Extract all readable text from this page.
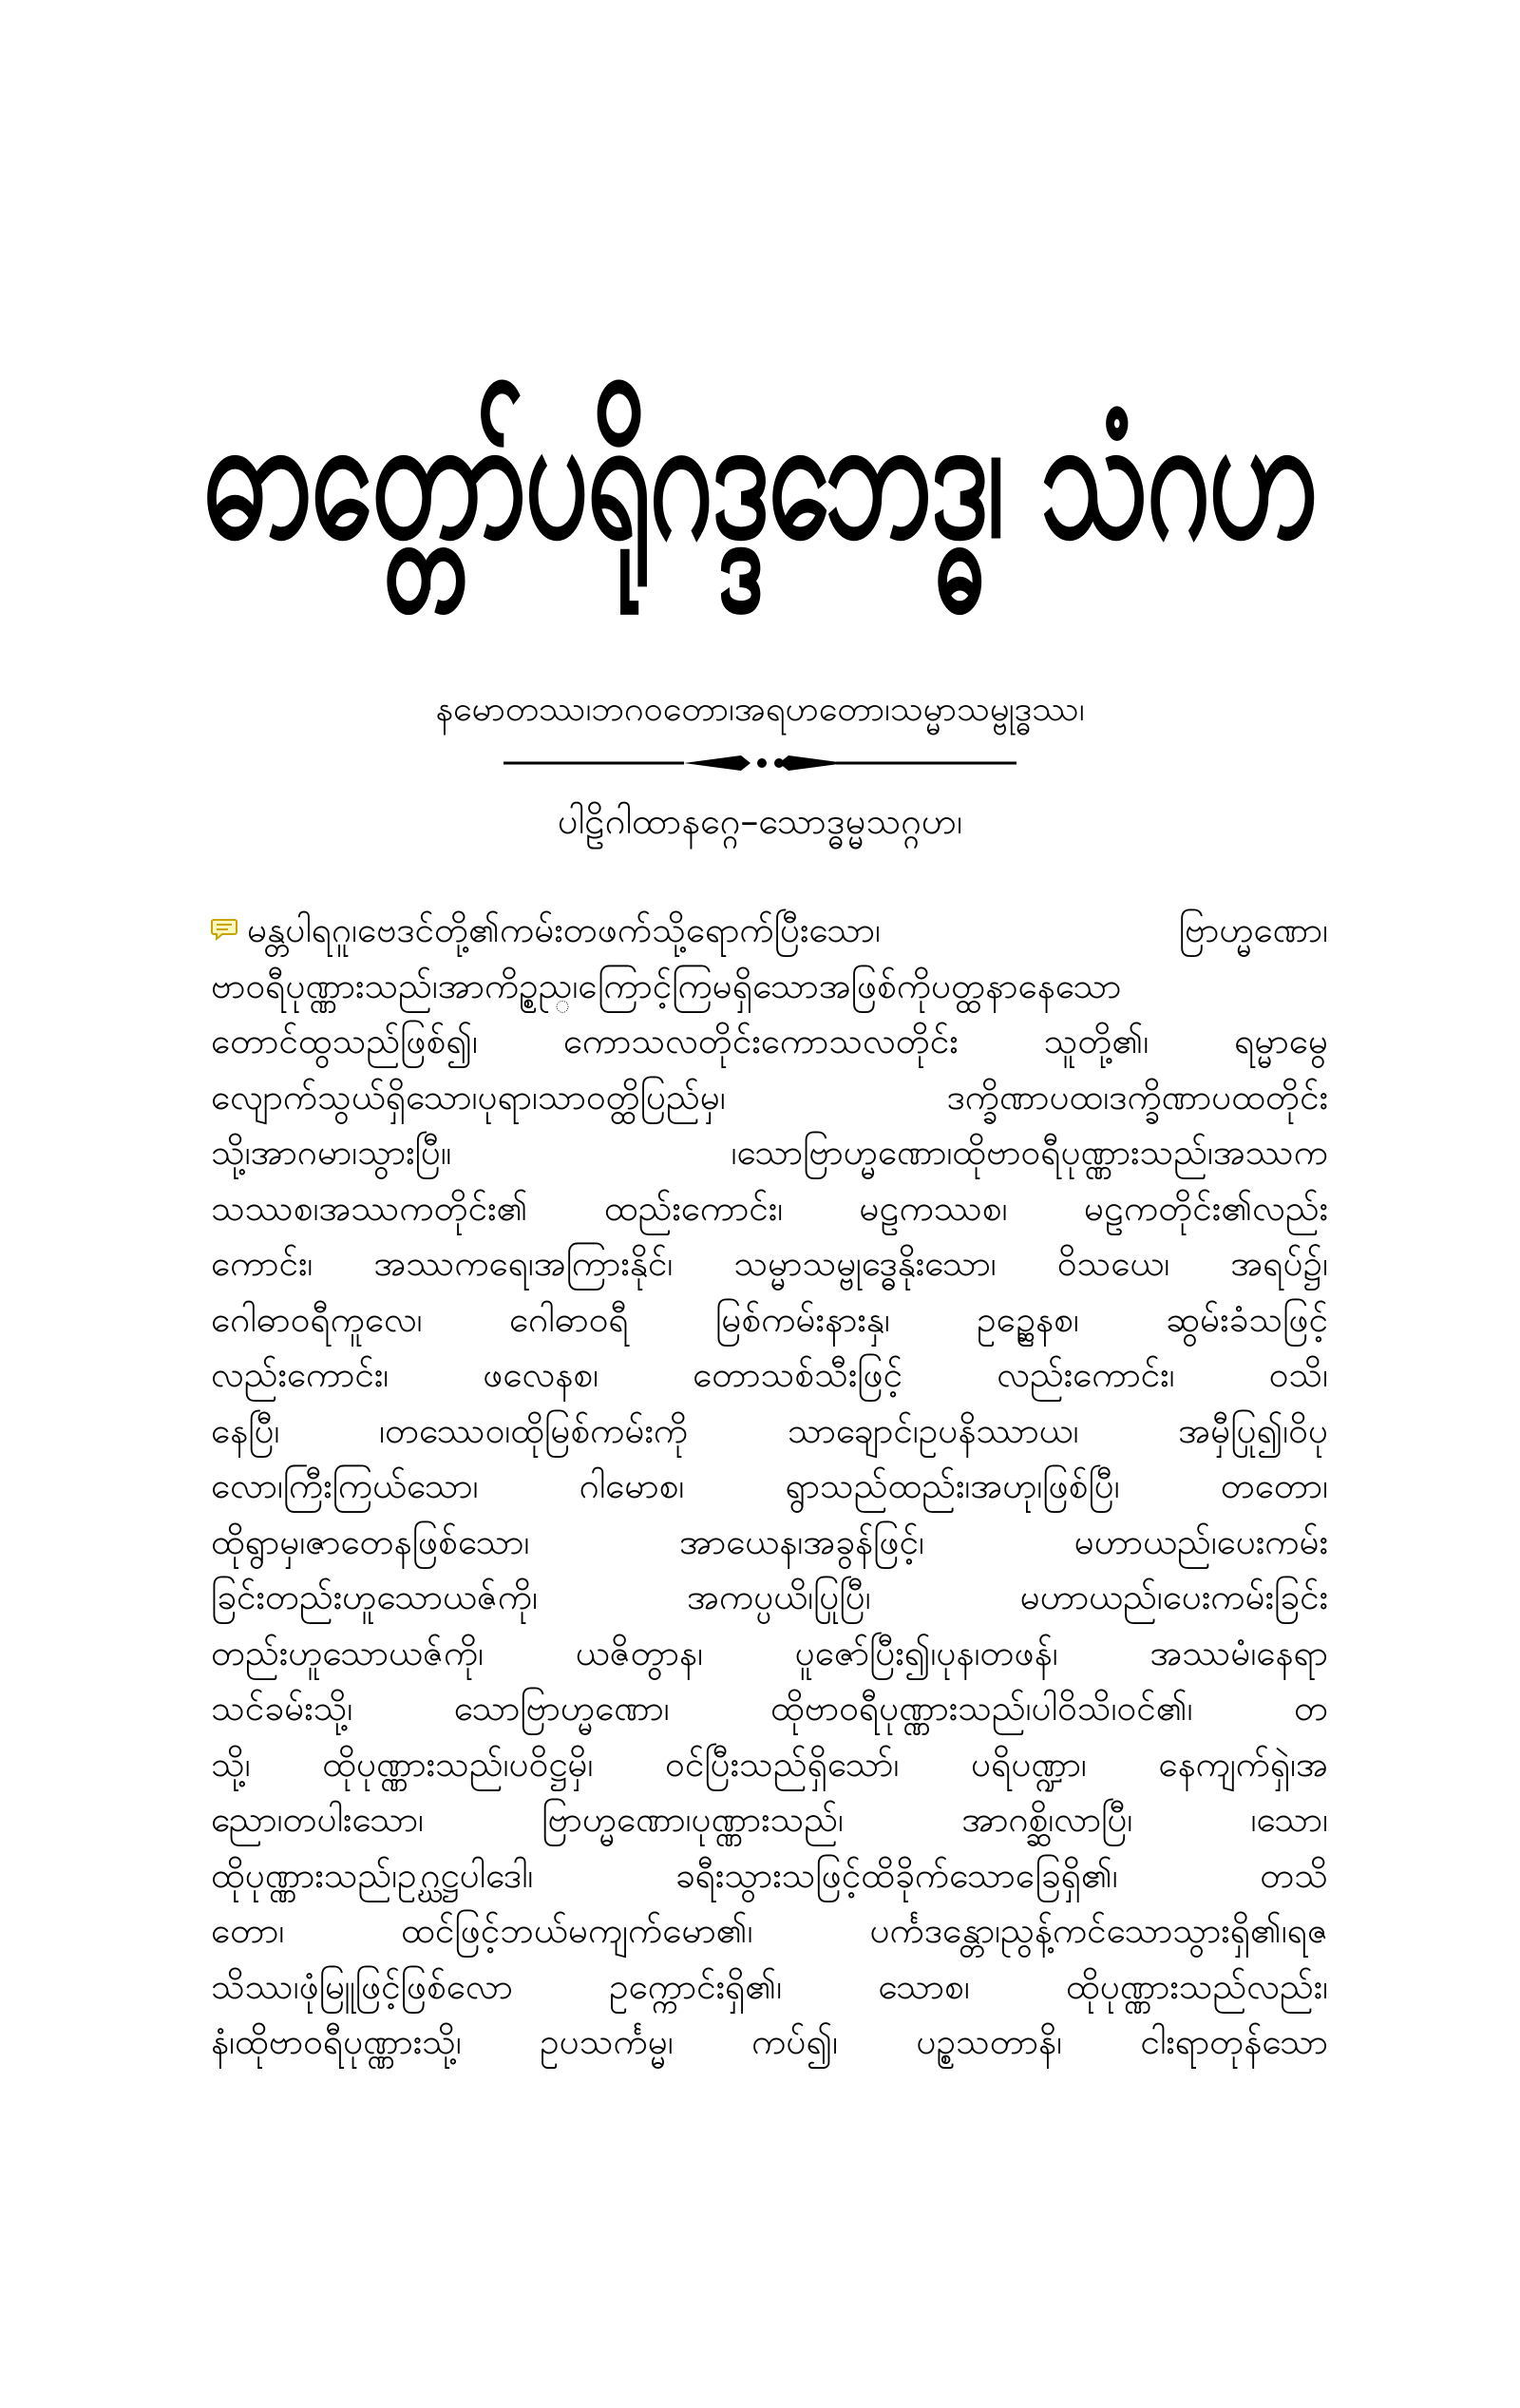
ဓာတ္တော်ပရိုဂဒ္ဒဘေဒ္ဓ၊ သံဂဟ
နမောတဿ၊ဘဂဝတော၊အရဟတော၊သမ္မာသမ္ဗုဒ္ဓဿ၊
ပါဠိဂါထာနဂ္ဂေ–သောဒ္ဓမ္မသဂ္ဂဟ၊
မန္တပါရဂူ၊ဗေဒင်တို့၏ကမ်းတဖက်သို့ရောက်ပြီးသော၊ ဗြာဟ္မဏော၊
ဗာဝရီပုဏ္ဏားသည်၊အာကိဉ္စည္၊ကြောင့်ကြမရှိသောအဖြစ်ကိုပတ္ထနာနေသော
တောင်ထွသည်ဖြစ်၍၊ ကောသလတိုင်းကောသလတိုင်း သူတို့၏၊ ရမ္မာမွေ
လျောက်သွယ်ရှိသော၊ပုရာ၊သာဝတ္ထိပြည်မှ၊ ဒက္ခိဏာပထ၊ဒက္ခိဏာပထတိုင်း
သို့၊အာဂမာ၊သွားပြီ။ ၊သောဗြာဟ္မဏော၊ထိုဗာဝရီပုဏ္ဏားသည်၊အဿက
သဿစ၊အဿကတိုင်း၏ ထည်းကောင်း၊ မဠကဿစ၊ မဠကတိုင်း၏လည်း
ကောင်း၊ အဿကရေ၊အကြားနိုင်၊ သမ္မာသမ္ဗုဒ္ဓေနိုးသော၊ ဝိသယေ၊ အရပ်၌၊
ဂေါဓာဝရီကူလေ၊ ဂေါဓာဝရီ မြစ်ကမ်းနားနှ၊ ဥဉ္ဆေနစ၊ ဆွမ်းခံသဖြင့်
လည်းကောင်း၊ ဖလေနစ၊ တောသစ်သီးဖြင့် လည်းကောင်း၊ ဝသိ၊
နေပြီ၊ ၊တဿေဝ၊ထိုမြစ်ကမ်းကို သာချောင်၊ဥပနိဿာယ၊ အမှီပြု၍၊ဝိပု
လော၊ကြီးကြယ်သော၊ ဂါမောစ၊ ရွာသည်ထည်း၊အဟု၊ဖြစ်ပြီ၊ တတော၊
ထိုရွာမှ၊ဇာတေနဖြစ်သော၊ အာယေန၊အခွန်ဖြင့်၊ မဟာယည်၊ပေးကမ်း
ခြင်းတည်းဟူသောယဇ်ကို၊ အကပ္ပယိ၊ပြုပြီ၊ မဟာယည်၊ပေးကမ်းခြင်း
တည်းဟူသောယဇ်ကို၊ ယဇိတွာန၊ ပူဇော်ပြီး၍၊ပုန၊တဖန်၊ အဿမံ၊နေရာ
သင်ခမ်းသို့၊ သောဗြာဟ္မဏော၊ ထိုဗာဝရီပုဏ္ဏားသည်၊ပါဝိသိ၊ဝင်၏၊ တ
သို့၊ ထိုပုဏ္ဏားသည်၊ပဝိဋ္ဌမှိ၊ ဝင်ပြီးသည်ရှိသော်၊ ပရိပဏ္ဍာ၊ နေကျက်ရှဲ၊အ
ညော၊တပါးသော၊ ဗြာဟ္မဏော၊ပုဏ္ဏားသည်၊ အာဂစ္ဆိ၊လာပြီ၊ ၊သော၊
ထိုပုဏ္ဏားသည်၊ဥဂ္ဃဋ္ဌပါဒေါ၊ ခရီးသွားသဖြင့်ထိခိုက်သောခြေရှိ၏၊ တသိ
တော၊ ထင်ဖြင့်ဘယ်မကျက်မော၏၊ ပင်္ကဒန္တော၊ညွန့်ကင်သောသွားရှိ၏၊ရဇ
သိဿ၊ဖုံမြူဖြင့်ဖြစ်လော ဥက္ကောင်းရှိ၏၊ သောစ၊ ထိုပုဏ္ဏားသည်လည်း၊
နံ၊ထိုဗာဝရီပုဏ္ဏားသို့၊ ဥပသင်္ကမ္မ၊ ကပ်၍၊ ပဉ္စသတာနိ၊ ငါးရာတုန်သော
